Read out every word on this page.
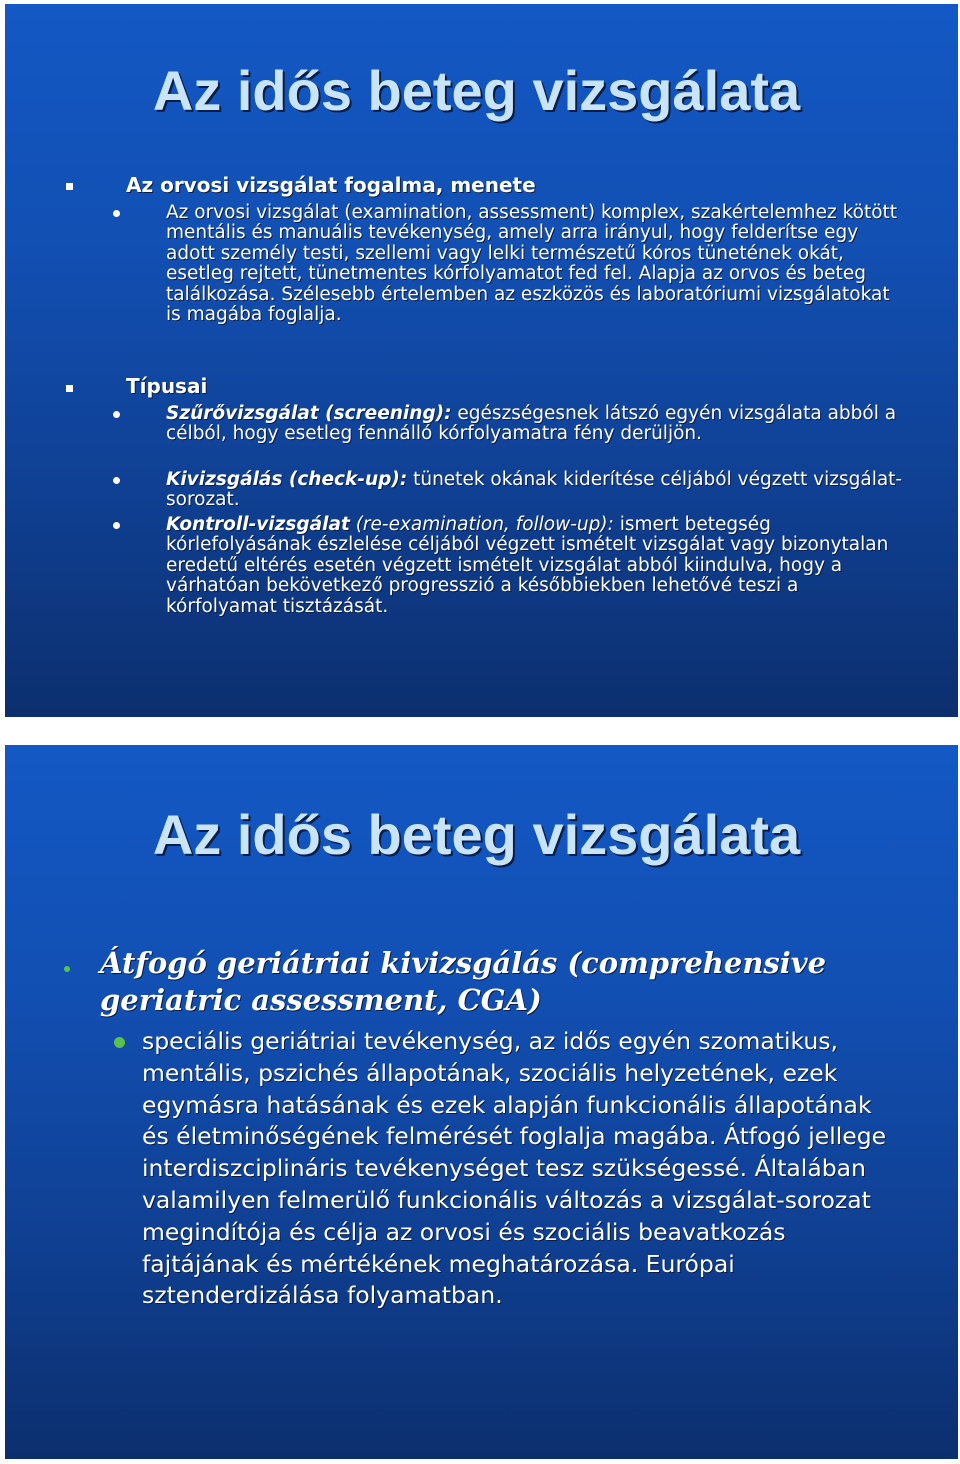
Az idős beteg vizsgálata
Az orvosi vizsgálat fogalma, menete

Az orvosi vizsgálat (examination, assessment) komplex, szakértelemhez kötött mentális és manuális tevékenység, amely arra irányul, hogy felderítse egy adott személy testi, szellemi vagy lelki természetű kóros tünetének okát, esetleg rejtett, tünetmentes kórfolyamatot fed fel. Alapja az orvos és beteg találkozása. Szélesebb értelemben az eszközös és laboratóriumi vizsgálatokat is magába foglalja.

Típusai

Szűrővizsgálat (screening): egészségesnek látszó egyén vizsgálata abból a célból, hogy esetleg fennálló kórfolyamatra fény derüljön.

Kivizsgálás (check-up): tünetek okának kiderítése céljából végzett vizsgálat-sorozat.

Kontroll-vizsgálat (re-examination, follow-up): ismert betegség kórlefolyásának észlelése céljából végzett ismételt vizsgálat vagy bizonytalan eredetű eltérés esetén végzett ismételt vizsgálat abból kiindulva, hogy a várhatóan bekövetkező progresszió a későbbiekben lehetővé teszi a kórfolyamat tisztázását.

Az idős beteg vizsgálata
Átfogó geriátriai kivizsgálás (comprehensive geriatric assessment, CGA)
speciális geriátriai tevékenység, az idős egyén szomatikus, mentális, pszichés állapotának, szociális helyzetének, ezek egymásra hatásának és ezek alapján funkcionális állapotának és életminőségének felmérését foglalja magába. Átfogó jellege interdiszciplináris tevékenységet tesz szükségessé. Általában valamilyen felmerülő funkcionális változás a vizsgálat-sorozat megindítója és célja az orvosi és szociális beavatkozás fajtájának és mértékének meghatározása. Európai sztenderdizálása folyamatban.
